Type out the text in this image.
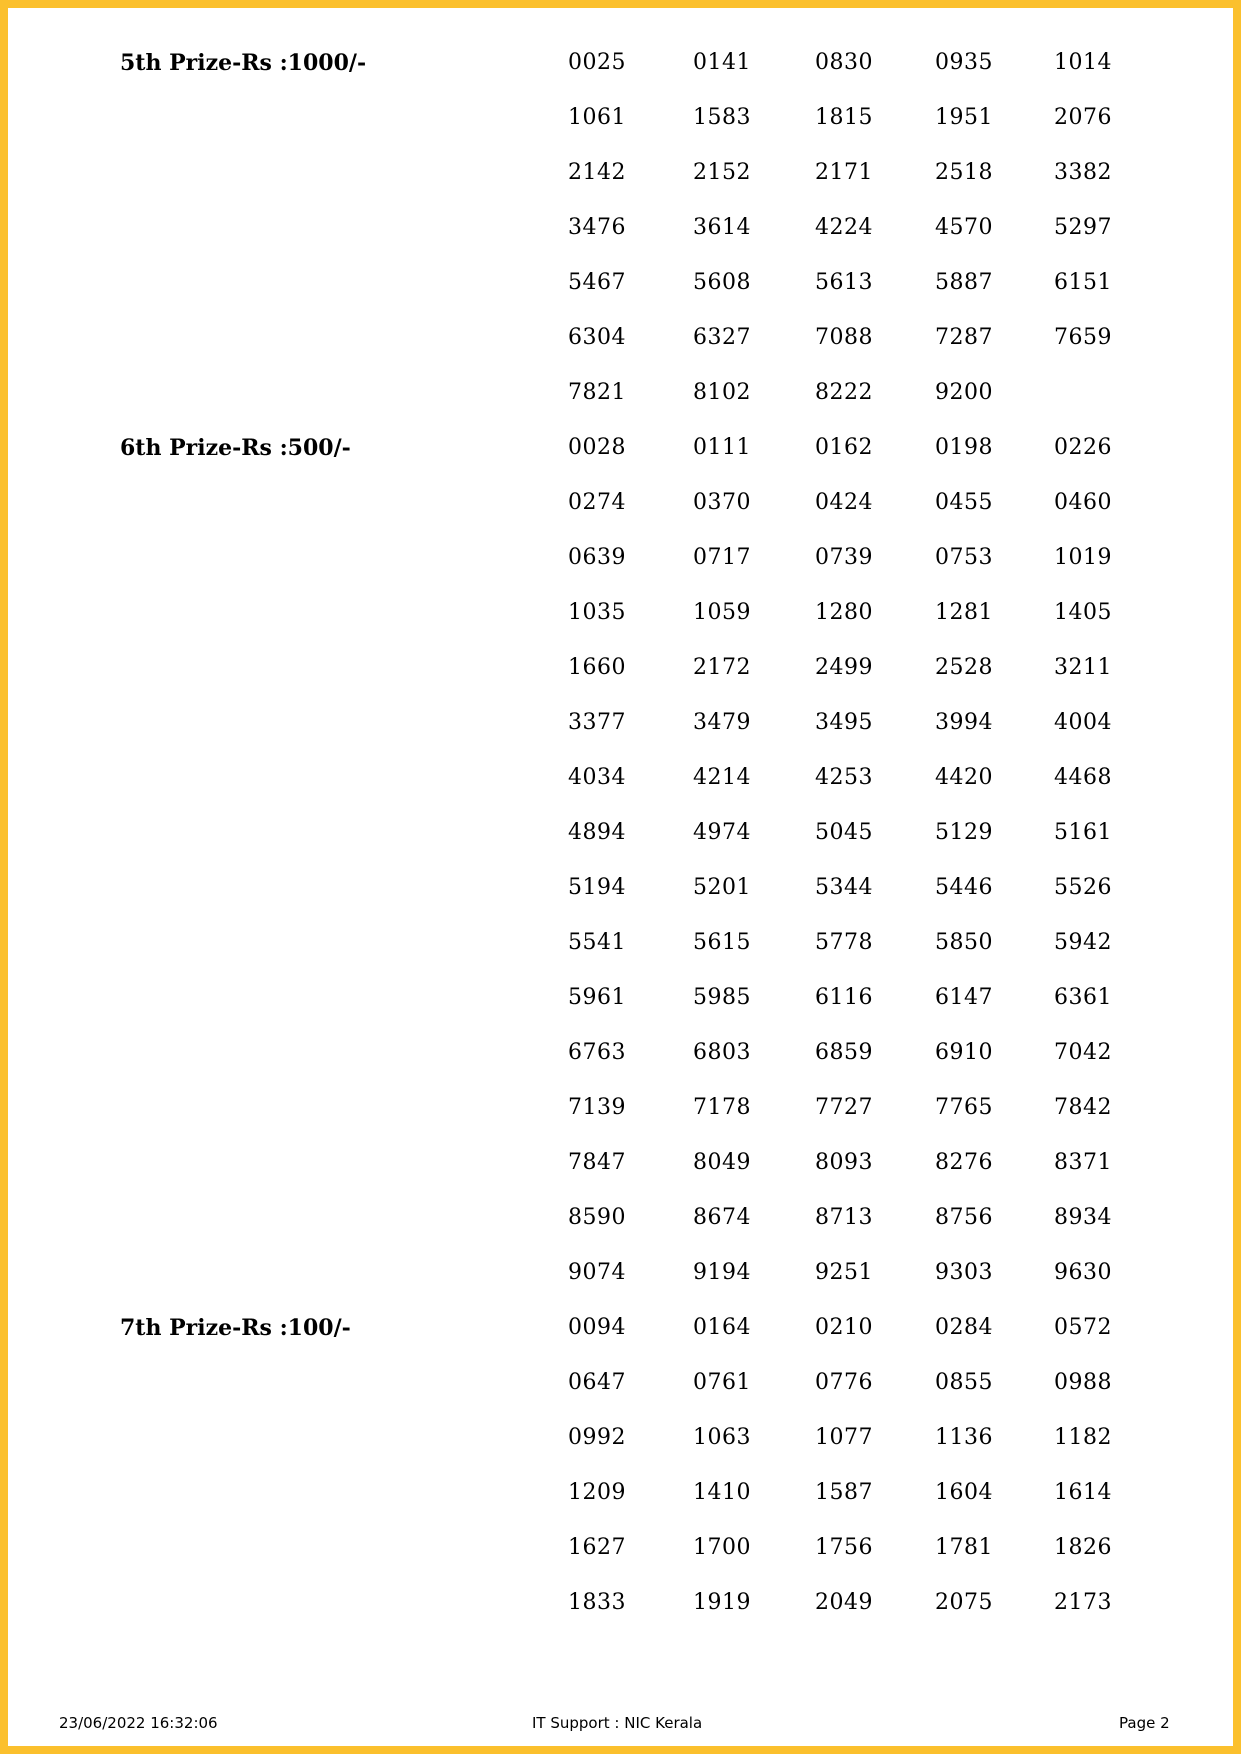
5th Prize-Rs :1000/-	0025	0141	0830	0935	1014
1061	1583	1815	1951	2076
2142	2152	2171	2518	3382
3476	3614	4224	4570	5297
5467	5608	5613	5887	6151
6304	6327	7088	7287	7659
7821	8102	8222	9200
6th Prize-Rs :500/-	0028	0111	0162	0198	0226
0274	0370	0424	0455	0460
0639	0717	0739	0753	1019
1035	1059	1280	1281	1405
1660	2172	2499	2528	3211
3377	3479	3495	3994	4004
4034	4214	4253	4420	4468
4894	4974	5045	5129	5161
5194	5201	5344	5446	5526
5541	5615	5778	5850	5942
5961	5985	6116	6147	6361
6763	6803	6859	6910	7042
7139	7178	7727	7765	7842
7847	8049	8093	8276	8371
8590	8674	8713	8756	8934
9074	9194	9251	9303	9630
7th Prize-Rs :100/-	0094	0164	0210	0284	0572
0647	0761	0776	0855	0988
0992	1063	1077	1136	1182
1209	1410	1587	1604	1614
1627	1700	1756	1781	1826
1833	1919	2049	2075	2173
23/06/2022 16:32:06	IT Support : NIC Kerala	Page 2
